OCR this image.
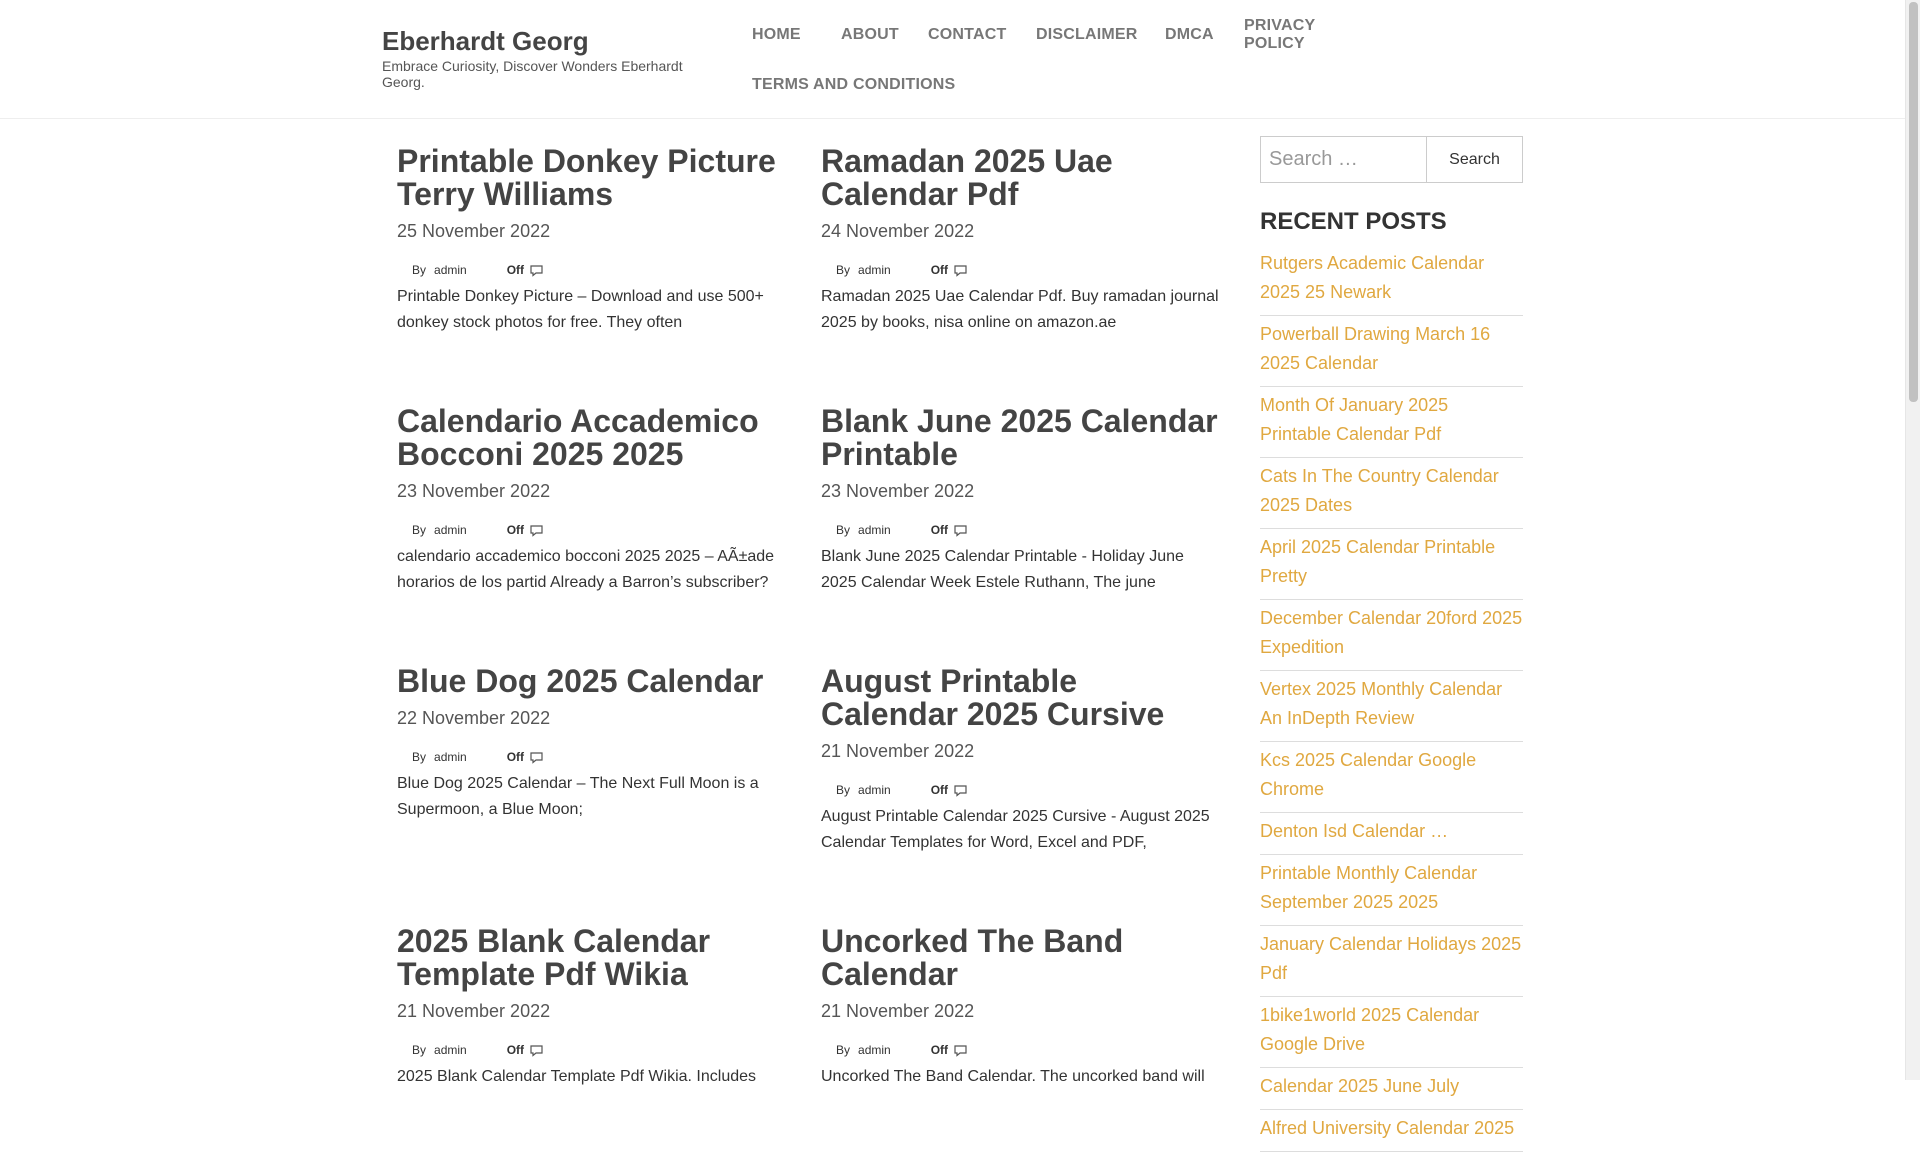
Eberhardt Georg

Embrace Curiosity, Discover Wonders Eberhardt Georg.

HOME	ABOUT CONTACT DISCLAIMER DMCA
PRIVACY POLICY
TERMS AND CONDITIONS
Printable Donkey Picture Terry Williams
25 November 2022
By admin	Off

Printable Donkey Picture – Download and use 500+ donkey stock photos for free. They often

Ramadan 2025 Uae Calendar Pdf
24 November 2022
By admin	Off

Ramadan 2025 Uae Calendar Pdf. Buy ramadan journal 2025 by books, nisa online on amazon.ae

Calendario Accademico Bocconi 2025 2025
23 November 2022
By admin	Off

calendario accademico bocconi 2025 2025 – AÃ±ade horarios de los partid Already a Barron’s subscriber?

Blank June 2025 Calendar Printable
23 November 2022
By admin	Off

Blank June 2025 Calendar Printable - Holiday June 2025 Calendar Week Estele Ruthann, The june

Blue Dog 2025 Calendar
22 November 2022
By admin	Off

Blue Dog 2025 Calendar – The Next Full Moon is a Supermoon, a Blue Moon;

August Printable Calendar 2025 Cursive
21 November 2022
By admin	Off

August Printable Calendar 2025 Cursive - August 2025 Calendar Templates for Word, Excel and PDF,

2025 Blank Calendar Template Pdf Wikia
21 November 2022
By admin	Off

2025 Blank Calendar Template Pdf Wikia. Includes

Uncorked The Band Calendar
21 November 2022
By admin	Off

Uncorked The Band Calendar. The uncorked band will

Search …
Search
RECENT POSTS
Rutgers Academic Calendar 2025 25 Newark
Powerball Drawing March 16 2025 Calendar
Month Of January 2025 Printable Calendar Pdf
Cats In The Country Calendar 2025 Dates
April 2025 Calendar Printable Pretty
December Calendar 20ford 2025 Expedition
Vertex 2025 Monthly Calendar An InDepth Review
Kcs 2025 Calendar Google Chrome
Denton Isd Calendar …
Printable Monthly Calendar September 2025 2025
January Calendar Holidays 2025 Pdf
1bike1world 2025 Calendar Google Drive
Calendar 2025 June July
Alfred University Calendar 2025
